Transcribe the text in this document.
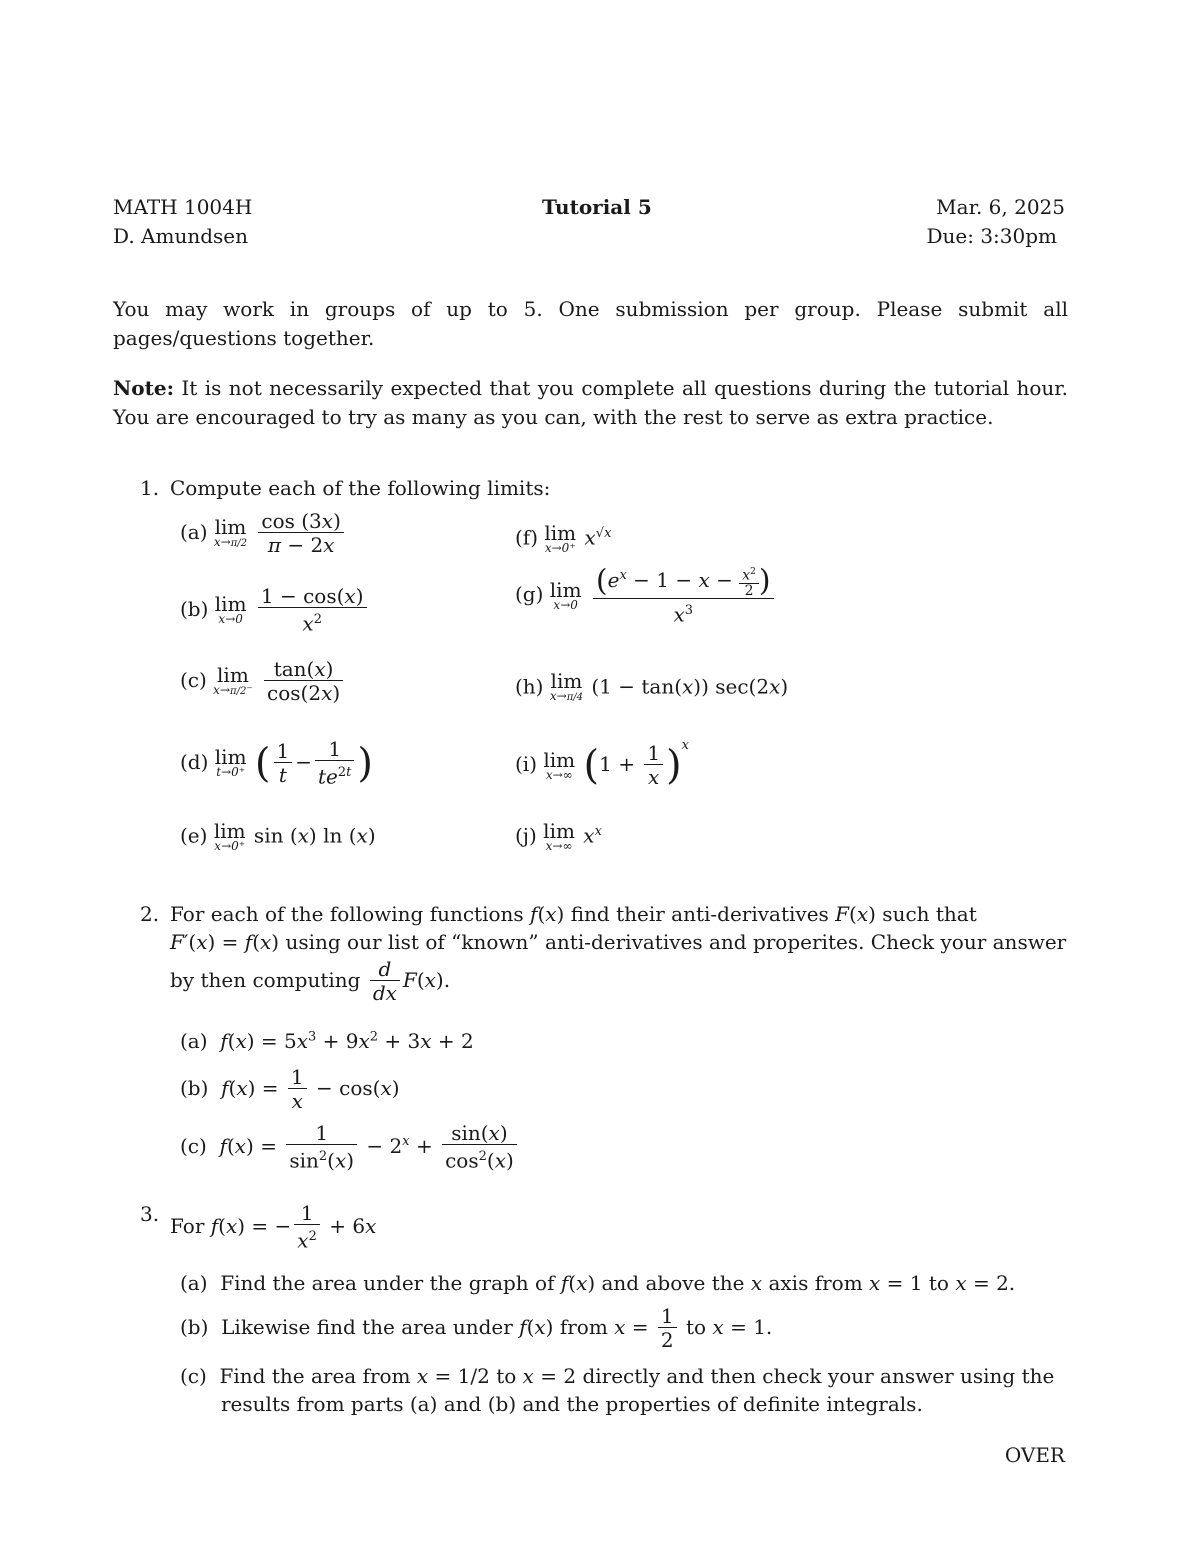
MATH 1004H	Tutorial 5	Mar. 6, 2025
D. Amundsen	Due: 3:30pm
You may work in groups of up to 5. One submission per group. Please submit all pages/questions together.
Note: It is not necessarily expected that you complete all questions during the tutorial hour. You are encouraged to try as many as you can, with the rest to serve as extra practice.
1. Compute each of the following limits:
(a) lim
x→π/2
$\frac{\cos (3x)}{\pi - 2x}$
(b) lim
x→0
$\frac{1 - \cos(x)}{x^2}$
(c) lim
x→π/2⁻
$\frac{\tan(x)}{\cos(2x)}$
(d) lim
t→0⁺ ( $\frac{1}{t} - \frac{1}{te^{2t}}$ )
(e) lim
x→0⁺ sin (x) ln (x)
(f) lim
x→0⁺ $x^{√x}$
(g) lim
x→0
$\frac{(e^x - 1 - x - \frac{x^2}{2} )}{x^3}$
(h) lim
x→π/4 (1 − tan(x)) sec(2x)
(i) lim
x→∞ $(1 + \frac{1}{x} )^x$
(j) lim
x→∞ $x^x$
2. For each of the following functions f(x) find their anti-derivatives F(x) such that
F′(x) = f(x) using our list of “known” anti-derivatives and properites. Check your answer
by then computing $\frac{d}{dx} F(x)$.
(a) $f(x) = 5x^3 + 9x^2 + 3x + 2$
(b) $f(x) = \frac{1}{x} - \cos(x)$
(c) $f(x) = \frac{1}{\sin^2(x)} - 2^x + \frac{\sin(x)}{\cos^2(x)}$
3. For f(x) = − $\frac{1}{x^2} + 6x$
(a)  Find the area under the graph of f(x) and above the x axis from x = 1 to x = 2.
(b)  Likewise find the area under f(x) from $x = \frac{1}{2}$ to x = 1.
(c)  Find the area from x = 1/2 to x = 2 directly and then check your answer using the
results from parts (a) and (b) and the properties of definite integrals.
OVER
